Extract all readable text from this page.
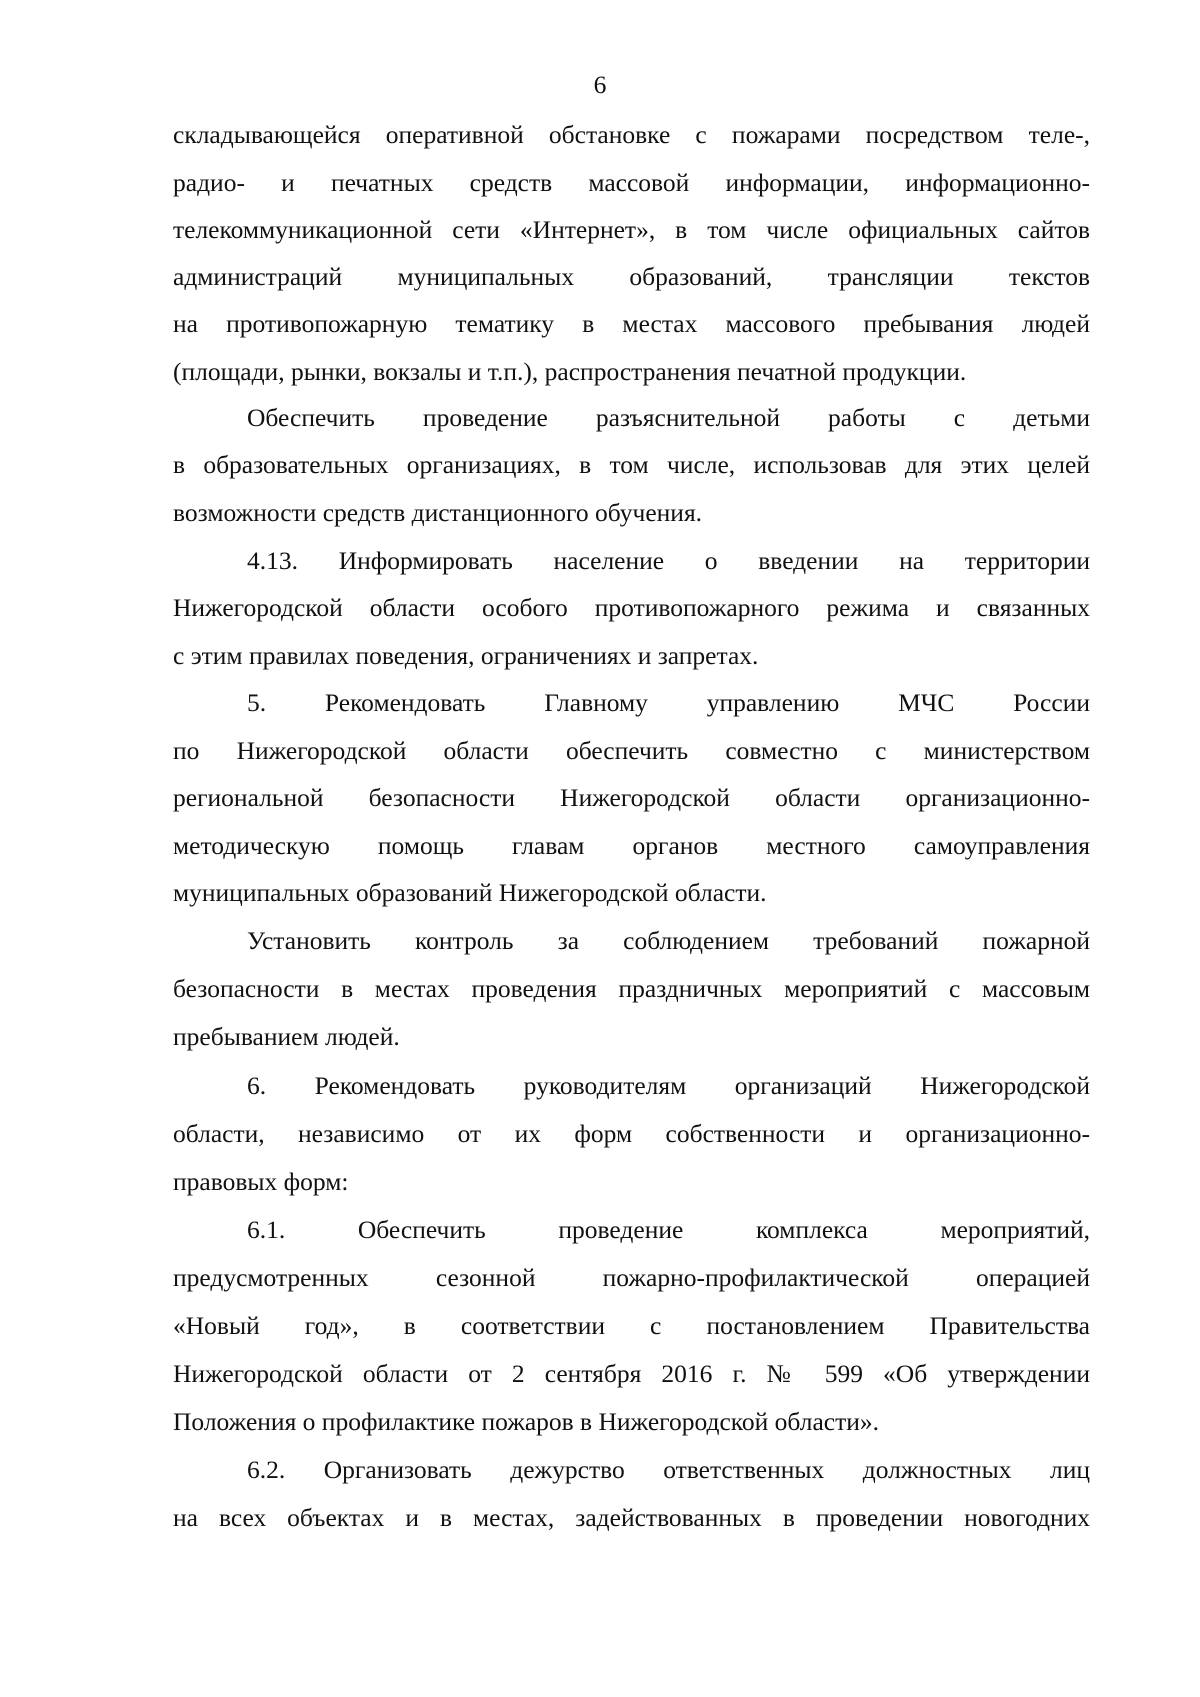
6
складывающейся оперативной обстановке с пожарами посредством теле-,
радио- и печатных средств массовой информации, информационно-
телекоммуникационной сети «Интернет», в том числе официальных сайтов
администраций муниципальных образований, трансляции текстов
на противопожарную тематику в местах массового пребывания людей
(площади, рынки, вокзалы и т.п.), распространения печатной продукции.
Обеспечить проведение разъяснительной работы с детьми
в образовательных организациях, в том числе, использовав для этих целей
возможности средств дистанционного обучения.
4.13. Информировать население о введении на территории
Нижегородской области особого противопожарного режима и связанных
с этим правилах поведения, ограничениях и запретах.
5. Рекомендовать Главному управлению МЧС России
по Нижегородской области обеспечить совместно с министерством
региональной безопасности Нижегородской области организационно-
методическую помощь главам органов местного самоуправления
муниципальных образований Нижегородской области.
Установить контроль за соблюдением требований пожарной
безопасности в местах проведения праздничных мероприятий с массовым
пребыванием людей.
6. Рекомендовать руководителям организаций Нижегородской
области, независимо от их форм собственности и организационно-
правовых форм:
6.1. Обеспечить проведение комплекса мероприятий,
предусмотренных сезонной пожарно-профилактической операцией
«Новый год», в соответствии с постановлением Правительства
Нижегородской области от 2 сентября 2016 г. № 599 «Об утверждении
Положения о профилактике пожаров в Нижегородской области».
6.2. Организовать дежурство ответственных должностных лиц
на всех объектах и в местах, задействованных в проведении новогодних
